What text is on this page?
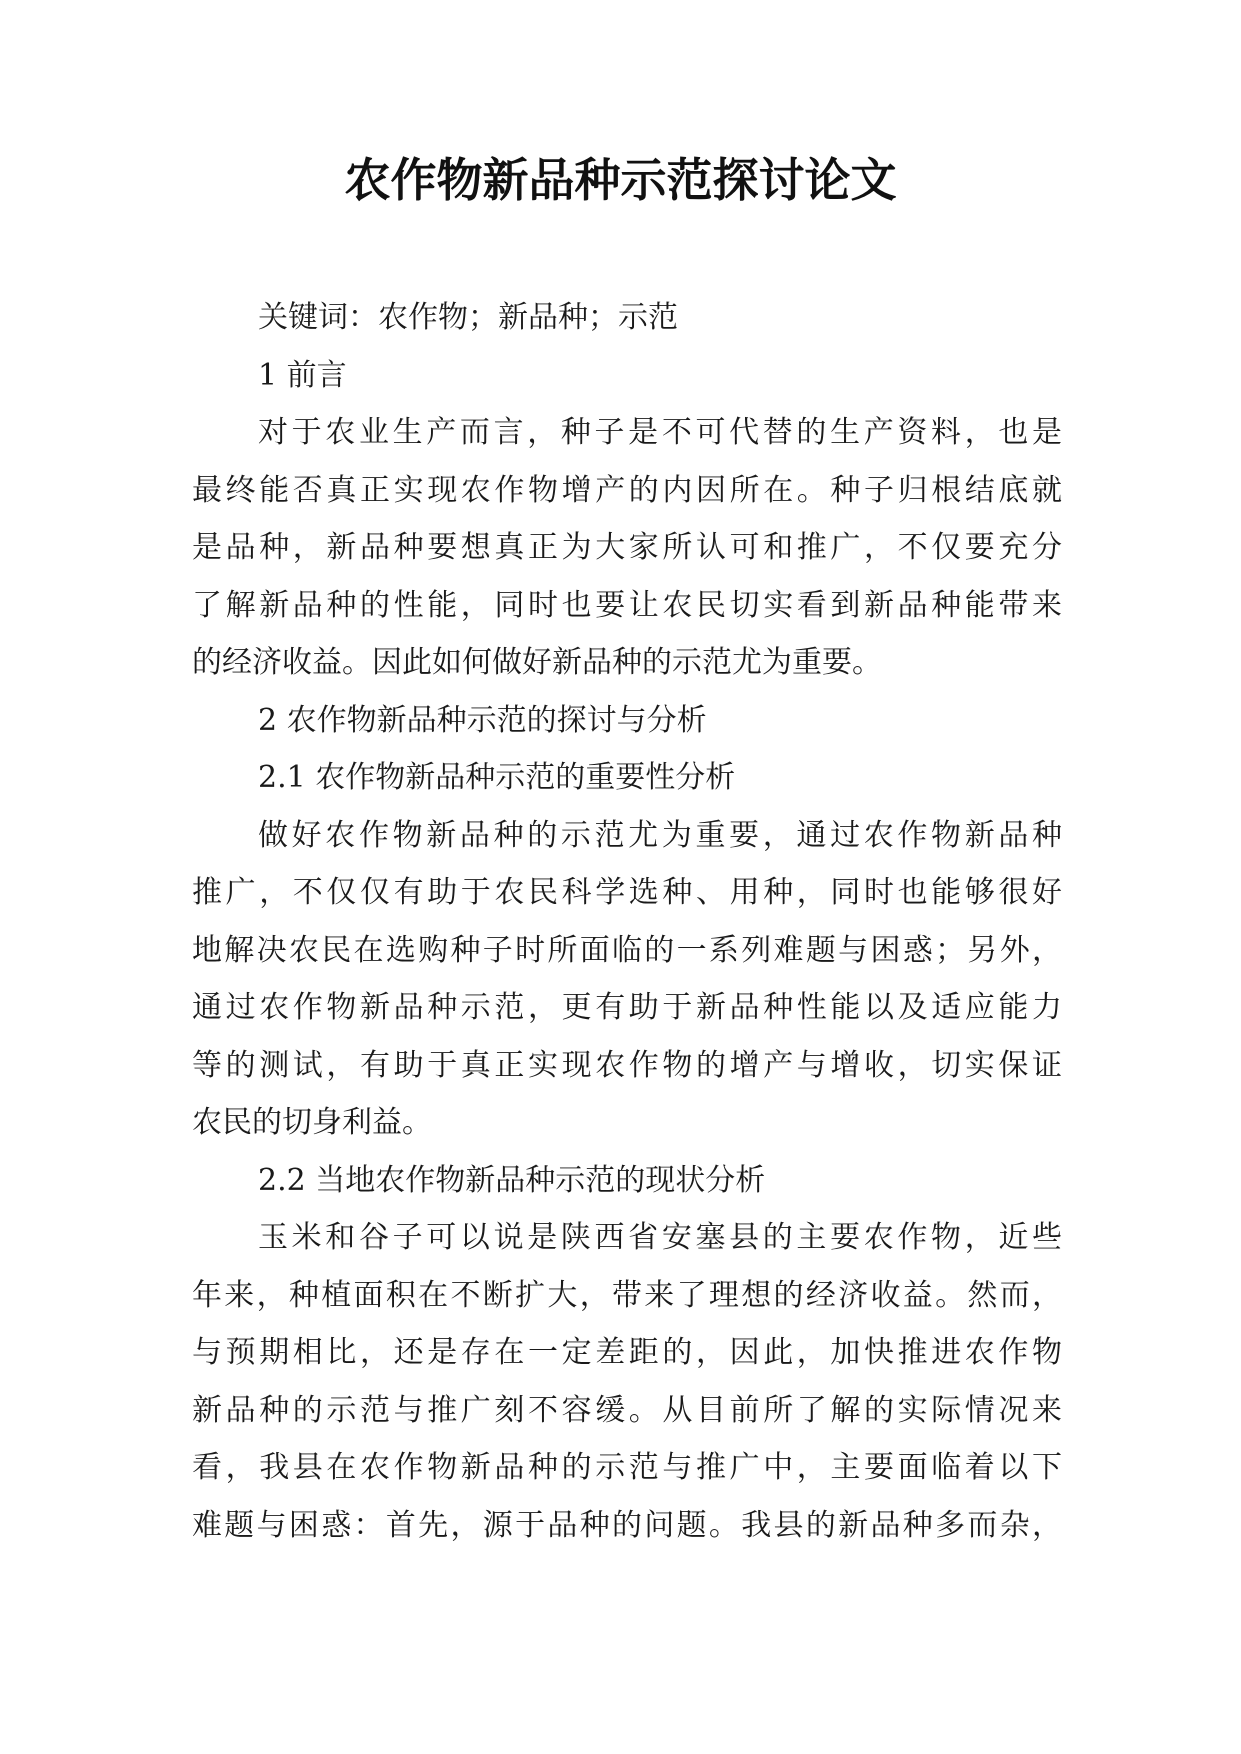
农作物新品种示范探讨论文
关键词：农作物；新品种；示范
1 前言
对于农业生产而言，种子是不可代替的生产资料，也是
最终能否真正实现农作物增产的内因所在。种子归根结底就
是品种，新品种要想真正为大家所认可和推广，不仅要充分
了解新品种的性能，同时也要让农民切实看到新品种能带来
的经济收益。因此如何做好新品种的示范尤为重要。
2 农作物新品种示范的探讨与分析
2.1 农作物新品种示范的重要性分析
做好农作物新品种的示范尤为重要，通过农作物新品种
推广，不仅仅有助于农民科学选种、用种，同时也能够很好
地解决农民在选购种子时所面临的一系列难题与困惑；另外，
通过农作物新品种示范，更有助于新品种性能以及适应能力
等的测试，有助于真正实现农作物的增产与增收，切实保证
农民的切身利益。
2.2 当地农作物新品种示范的现状分析
玉米和谷子可以说是陕西省安塞县的主要农作物，近些
年来，种植面积在不断扩大，带来了理想的经济收益。然而，
与预期相比，还是存在一定差距的，因此，加快推进农作物
新品种的示范与推广刻不容缓。从目前所了解的实际情况来
看，我县在农作物新品种的示范与推广中，主要面临着以下
难题与困惑：首先，源于品种的问题。我县的新品种多而杂，
